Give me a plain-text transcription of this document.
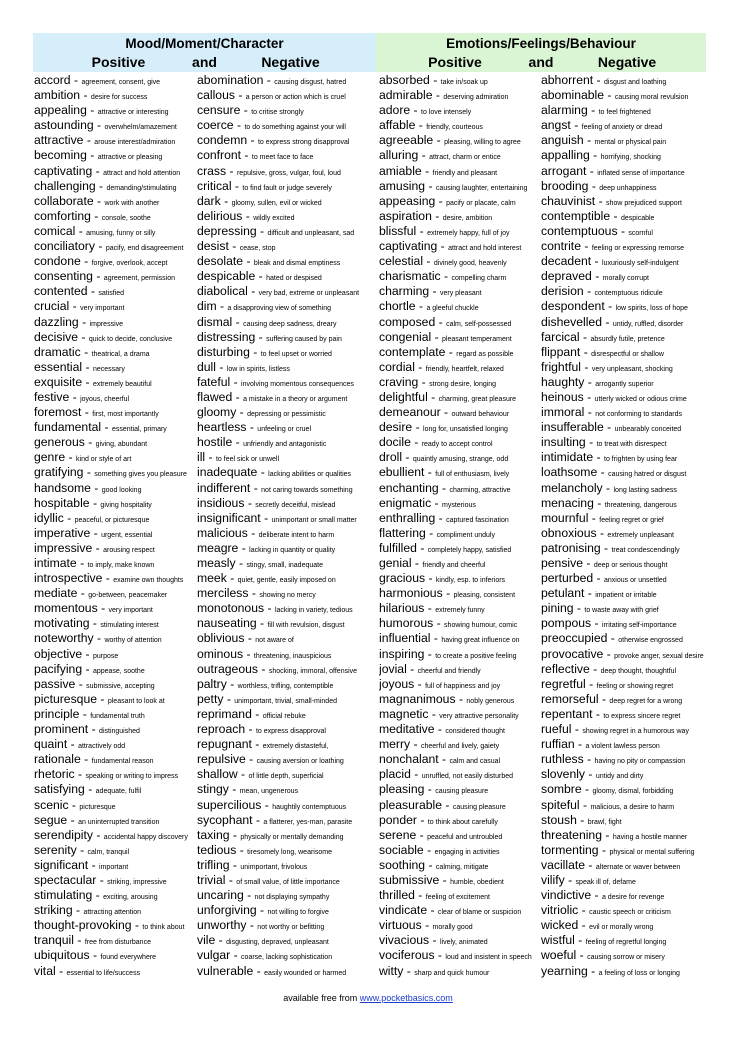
Mood/Moment/Character
Positive	and	Negative
Emotions/Feelings/Behaviour
Positive	and	Negative
accord - agreement, consent, give
ambition - desire for success
appealing - attractive or interesting
astounding - overwhelm/amazement
attractive - arouse interest/admiration
becoming - attractive or pleasing
captivating - attract and hold attention
challenging - demanding/stimulating
collaborate - work with another
comforting - console, soothe
comical - amusing, funny or silly
conciliatory - pacify, end disagreement
condone - forgive, overlook, accept
consenting - agreement, permission
contented - satisfied
crucial - very important
dazzling - impressive
decisive - quick to decide, conclusive
dramatic - theatrical, a drama
essential - necessary
exquisite - extremely beautiful
festive - joyous, cheerful
foremost - first, most importantly
fundamental - essential, primary
generous - giving, abundant
genre - kind or style of art
gratifying - something gives you pleasure
handsome - good looking
hospitable - giving hospitality
idyllic - peaceful, or picturesque
imperative - urgent, essential
impressive - arousing respect
intimate - to imply, make known
introspective - examine own thoughts
mediate - go-between, peacemaker
momentous - very important
motivating - stimulating interest
noteworthy - worthy of attention
objective - purpose
pacifying - appease, soothe
passive - submissive, accepting
picturesque - pleasant to look at
principle - fundamental truth
prominent - distinguished
quaint - attractively odd
rationale - fundamental reason
rhetoric - speaking or writing to impress
satisfying - adequate, fulfil
scenic - picturesque
segue - an uninterrupted transition
serendipity - accidental happy discovery
serenity - calm, tranquil
significant - important
spectacular - striking, impressive
stimulating - exciting, arousing
striking - attracting attention
thought-provoking - to think about
tranquil - free from disturbance
ubiquitous - found everywhere
vital - essential to life/success
abomination - causing disgust, hatred
callous - a person or action which is cruel
censure - to critise strongly
coerce - to do something against your will
condemn - to express strong disapproval
confront - to meet face to face
crass - repulsive, gross, vulgar, foul, loud
critical - to find fault or judge severely
dark - gloomy, sullen, evil or wicked
delirious - wildly excited
depressing - difficult and unpleasant, sad
desist - cease, stop
desolate - bleak and dismal emptiness
despicable - hated or despised
diabolical - very bad, extreme or unpleasant
dim - a disapproving view of something
dismal - causing deep sadness, dreary
distressing - suffering caused by pain
disturbing - to feel upset or worried
dull - low in spirits, listless
fateful - involving momentous consequences
flawed - a mistake in a theory or argument
gloomy - depressing or pessimistic
heartless - unfeeling or cruel
hostile - unfriendly and antagonistic
ill - to feel sick or unwell
inadequate - lacking abilities or qualities
indifferent - not caring towards something
insidious - secretly deceitful, mislead
insignificant - unimportant or small matter
malicious - deliberate intent to harm
meagre - lacking in quantity or quality
measly - stingy, small, inadequate
meek - quiet, gentle, easily imposed on
merciless - showing no mercy
monotonous - lacking in variety, tedious
nauseating - fill with revulsion, disgust
oblivious - not aware of
ominous - threatening, inauspicious
outrageous - shocking, immoral, offensive
paltry - worthless, trifling, contemptible
petty - unimportant, trivial, small-minded
reprimand - official rebuke
reproach - to express disapproval
repugnant - extremely distasteful,
repulsive - causing aversion or loathing
shallow - of little depth, superficial
stingy - mean, ungenerous
supercilious - haughtily contemptuous
sycophant - a flatterer, yes-man, parasite
taxing - physically or mentally demanding
tedious - tiresomely long, wearisome
trifling - unimportant, frivolous
trivial - of small value, of little importance
uncaring - not displaying sympathy
unforgiving - not willing to forgive
unworthy - not worthy or befitting
vile - disgusting, depraved, unpleasant
vulgar - coarse, lacking sophistication
vulnerable - easily wounded or harmed
absorbed - take in/soak up
admirable - deserving admiration
adore - to love intensely
affable - friendly, courteous
agreeable - pleasing, willing to agree
alluring - attract, charm or entice
amiable - friendly and pleasant
amusing - causing laughter, entertaining
appeasing - pacify or placate, calm
aspiration - desire, ambition
blissful - extremely happy, full of joy
captivating - attract and hold interest
celestial - divinely good, heavenly
charismatic - compelling charm
charming - very pleasant
chortle - a gleeful chuckle
composed - calm, self-possessed
congenial - pleasant temperament
contemplate - regard as possible
cordial - friendly, heartfelt, relaxed
craving - strong desire, longing
delightful - charming, great pleasure
demeanour - outward behaviour
desire - long for, unsatisfied longing
docile - ready to accept control
droll - quaintly amusing, strange, odd
ebullient - full of enthusiasm, lively
enchanting - charming, attractive
enigmatic - mysterious
enthralling - captured fascination
flattering - compliment unduly
fulfilled - completely happy, satisfied
genial - friendly and cheerful
gracious - kindly, esp. to inferiors
harmonious - pleasing, consistent
hilarious - extremely funny
humorous - showing humour, comic
influential - having great influence on
inspiring - to create a positive feeling
jovial - cheerful and friendly
joyous - full of happiness and joy
magnanimous - nobly generous
magnetic - very attractive personality
meditative - considered thought
merry - cheerful and lively, gaiety
nonchalant - calm and casual
placid - unruffled, not easily disturbed
pleasing - causing pleasure
pleasurable - causing pleasure
ponder - to think about carefully
serene - peaceful and untroubled
sociable - engaging in activities
soothing - calming, mitigate
submissive - humble, obedient
thrilled - feeling of excitement
vindicate - clear of blame or suspicion
virtuous - morally good
vivacious - lively, animated
vociferous - loud and insistent in speech
witty - sharp and quick humour
abhorrent - disgust and loathing
abominable - causing moral revulsion
alarming - to feel frightened
angst - feeling of anxiety or dread
anguish - mental or physical pain
appalling - horrifying, shocking
arrogant - inflated sense of importance
brooding - deep unhappiness
chauvinist - show prejudiced support
contemptible - despicable
contemptuous - scornful
contrite - feeling or expressing remorse
decadent - luxuriously self-indulgent
depraved - morally corrupt
derision - contemptuous ridicule
despondent - low spirits, loss of hope
dishevelled - untidy, ruffled, disorder
farcical - absurdly futile, pretence
flippant - disrespectful or shallow
frightful - very unpleasant, shocking
haughty - arrogantly superior
heinous - utterly wicked or odious crime
immoral - not conforming to standards
insufferable - unbearably conceited
insulting - to treat with disrespect
intimidate - to frighten by using fear
loathsome - causing hatred or disgust
melancholy - long lasting sadness
menacing - threatening, dangerous
mournful - feeling regret or grief
obnoxious - extremely unpleasant
patronising - treat condescendingly
pensive - deep or serious thought
perturbed - anxious or unsettled
petulant - impatient or irritable
pining - to waste away with grief
pompous - irritating self-importance
preoccupied - otherwise engrossed
provocative - provoke anger, sexual desire
reflective - deep thought, thoughtful
regretful - feeling or showing regret
remorseful - deep regret for a wrong
repentant - to express sincere regret
rueful - showing regret in a humorous way
ruffian - a violent lawless person
ruthless - having no pity or compassion
slovenly - untidy and dirty
sombre - gloomy, dismal, forbidding
spiteful - malicious, a desire to harm
stoush - brawl, fight
threatening - having a hostile manner
tormenting - physical or mental suffering
vacillate - alternate or waver between
vilify - speak ill of, defame
vindictive - a desire for revenge
vitriolic - caustic speech or criticism
wicked - evil or morally wrong
wistful - feeling of regretful longing
woeful - causing sorrow or misery
yearning - a feeling of loss or longing
available free from www.pocketbasics.com
